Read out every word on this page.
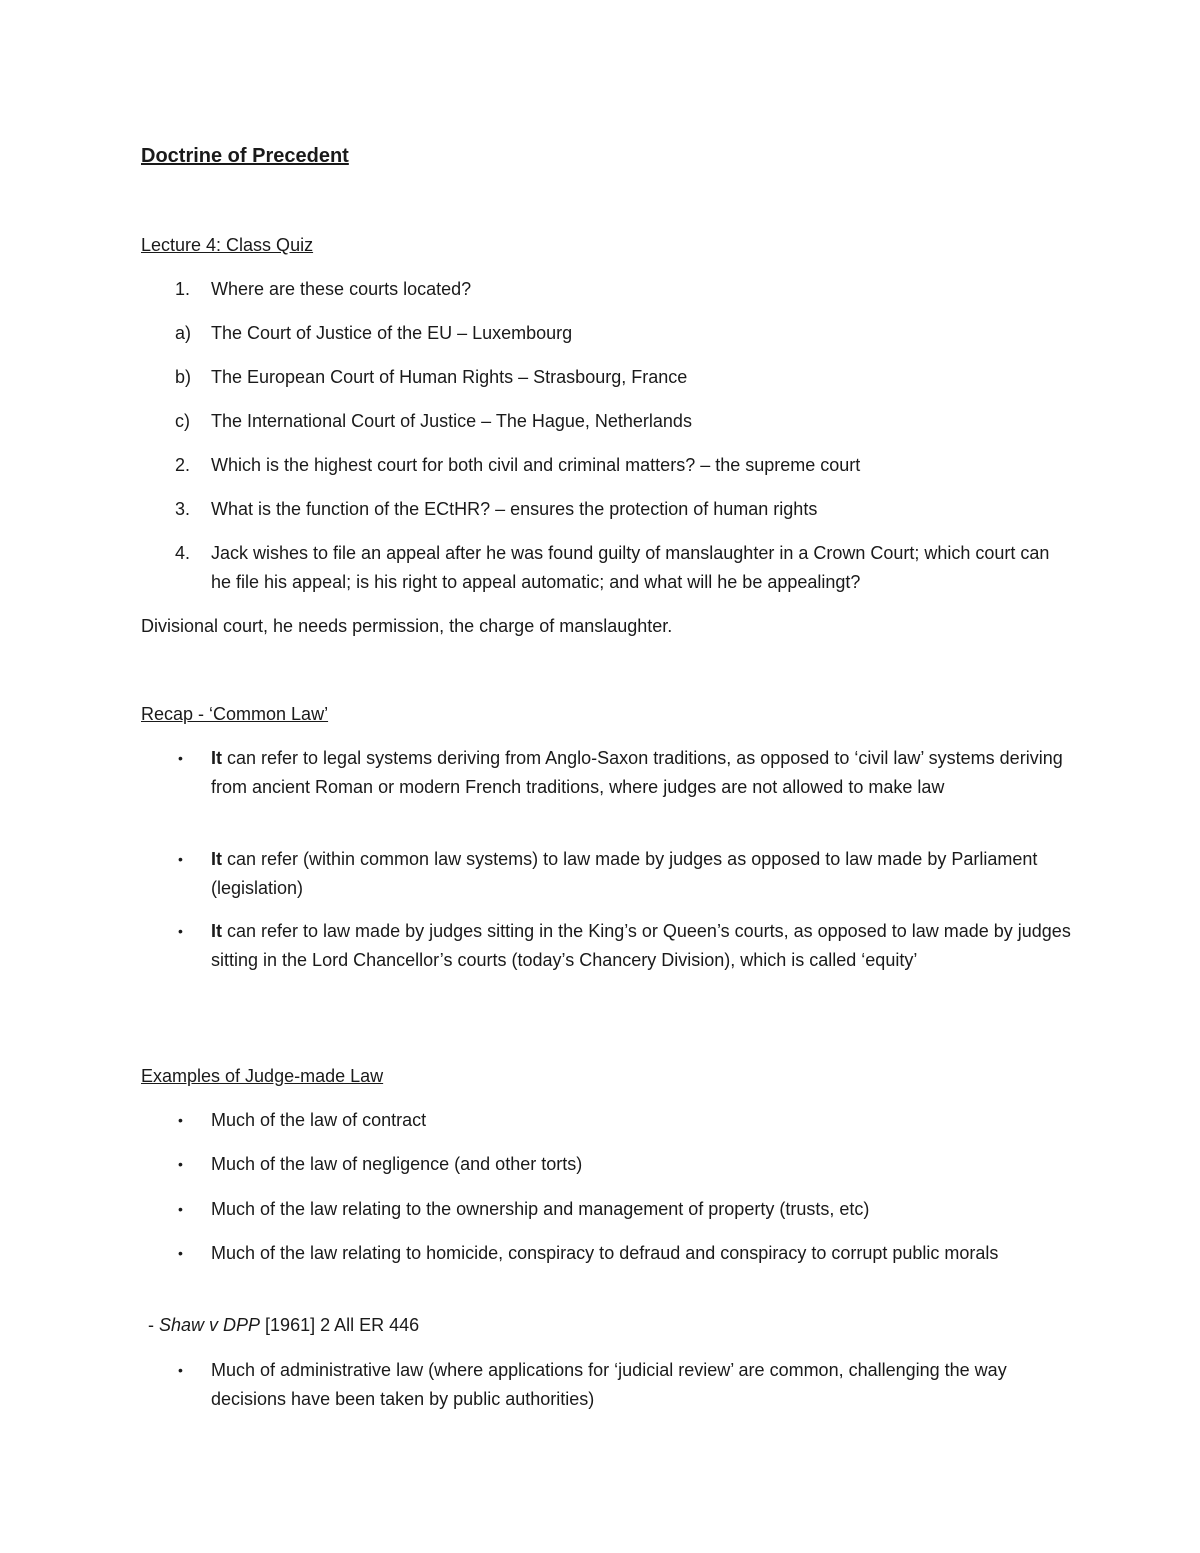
Doctrine of Precedent
Lecture 4: Class Quiz
1. Where are these courts located?
a) The Court of Justice of the EU – Luxembourg
b) The European Court of Human Rights – Strasbourg, France
c) The International Court of Justice – The Hague, Netherlands
2. Which is the highest court for both civil and criminal matters? – the supreme court
3. What is the function of the ECtHR? – ensures the protection of human rights
4. Jack wishes to file an appeal after he was found guilty of manslaughter in a Crown Court; which court can he file his appeal; is his right to appeal automatic; and what will he be appealingt?
Divisional court, he needs permission, the charge of manslaughter.
Recap - ‘Common Law’
• It can refer to legal systems deriving from Anglo-Saxon traditions, as opposed to ‘civil law’ systems deriving from ancient Roman or modern French traditions, where judges are not allowed to make law
• It can refer (within common law systems) to law made by judges as opposed to law made by Parliament (legislation)
• It can refer to law made by judges sitting in the King’s or Queen’s courts, as opposed to law made by judges sitting in the Lord Chancellor’s courts (today’s Chancery Division), which is called ‘equity’
Examples of Judge-made Law
• Much of the law of contract
• Much of the law of negligence (and other torts)
• Much of the law relating to the ownership and management of property (trusts, etc)
• Much of the law relating to homicide, conspiracy to defraud and conspiracy to corrupt public morals
- Shaw v DPP [1961] 2 All ER 446
• Much of administrative law (where applications for ‘judicial review’ are common, challenging the way decisions have been taken by public authorities)
